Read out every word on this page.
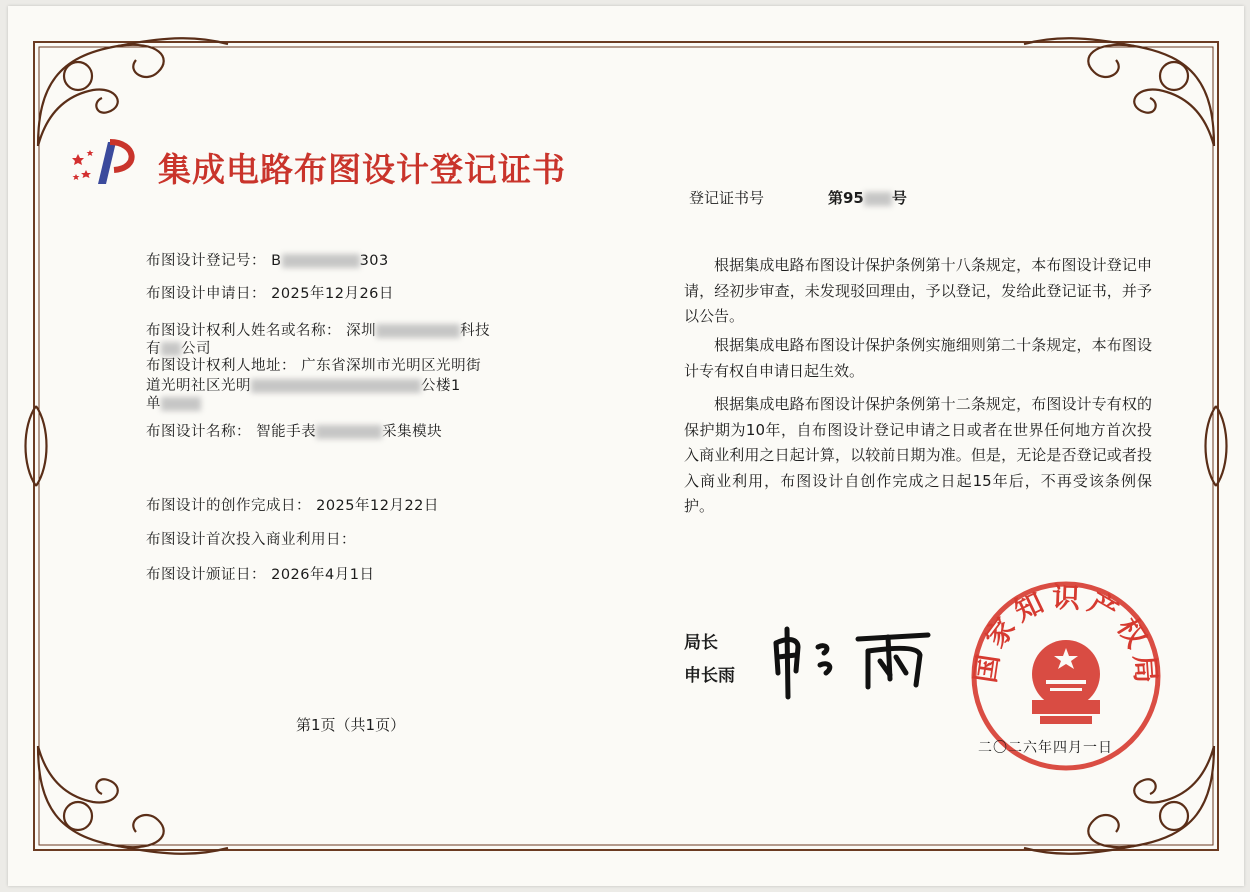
集成电路布图设计登记证书
登记证书号	第95 号
布图设计登记号： B	303
布图设计申请日： 2025年12月26日
布图设计权利人姓名或名称： 深圳	科技
有 公司
布图设计权利人地址： 广东省深圳市光明区光明街
道光明社区光明	公楼1
单
布图设计名称： 智能手表	采集模块
布图设计的创作完成日： 2025年12月22日
布图设计首次投入商业利用日：
布图设计颁证日： 2026年4月1日
根据集成电路布图设计保护条例第十八条规定，本布图设计登记申请，经初步审查，未发现驳回理由，予以登记，发给此登记证书，并予以公告。
根据集成电路布图设计保护条例实施细则第二十条规定，本布图设计专有权自申请日起生效。
根据集成电路布图设计保护条例第十二条规定，布图设计专有权的保护期为10年，自布图设计登记申请之日或者在世界任何地方首次投入商业利用之日起计算，以较前日期为准。但是，无论是否登记或者投入商业利用，布图设计自创作完成之日起15年后，不再受该条例保护。
第1页（共1页）
局长
申长雨	国家知识产权局
二〇二六年四月一日
